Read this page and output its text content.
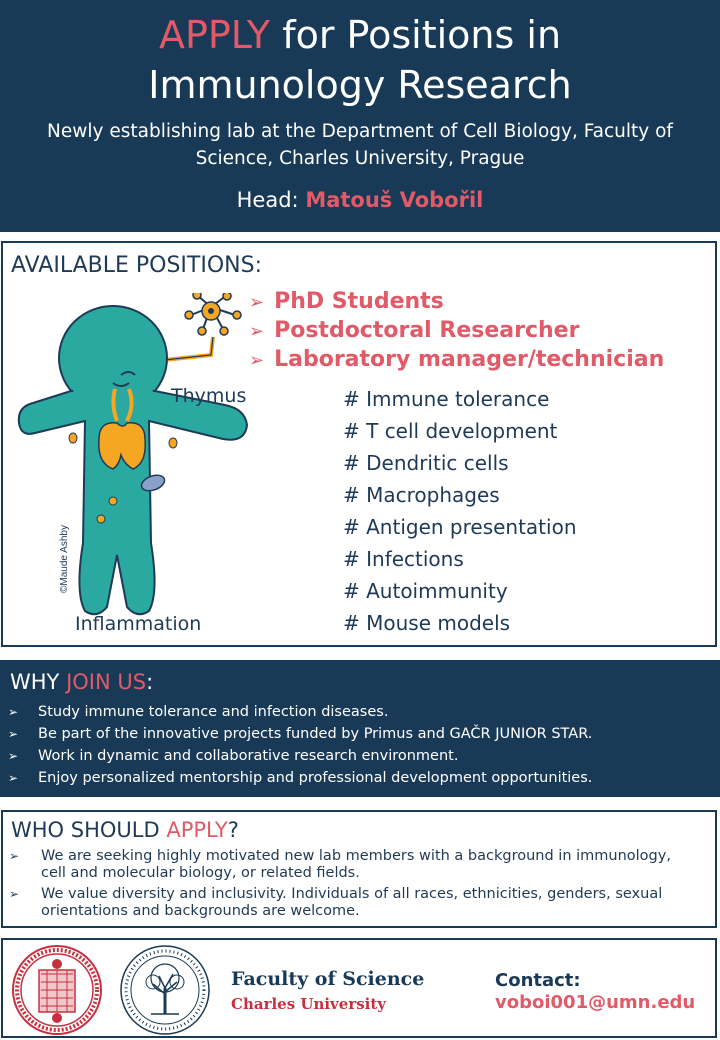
APPLY for Positions in
Immunology Research
Newly establishing lab at the Department of Cell Biology, Faculty of Science, Charles University, Prague
Head: Matouš Vobořil
AVAILABLE POSITIONS:
©Maude Ashby
Thymus
Inflammation
➢ PhD Students
➢ Postdoctoral Researcher
➢ Laboratory manager/technician
# Immune tolerance
# T cell development
# Dendritic cells
# Macrophages
# Antigen presentation
# Infections
# Autoimmunity
# Mouse models
WHY JOIN US:
➢ Study immune tolerance and infection diseases.
➢ Be part of the innovative projects funded by Primus and GAČR JUNIOR STAR.
➢ Work in dynamic and collaborative research environment.
➢ Enjoy personalized mentorship and professional development opportunities.
WHO SHOULD APPLY?
➢ We are seeking highly motivated new lab members with a background in immunology, cell and molecular biology, or related fields.
➢ We value diversity and inclusivity. Individuals of all races, ethnicities, genders, sexual orientations and backgrounds are welcome.
Faculty of Science
Charles University
Contact:
voboi001@umn.edu
